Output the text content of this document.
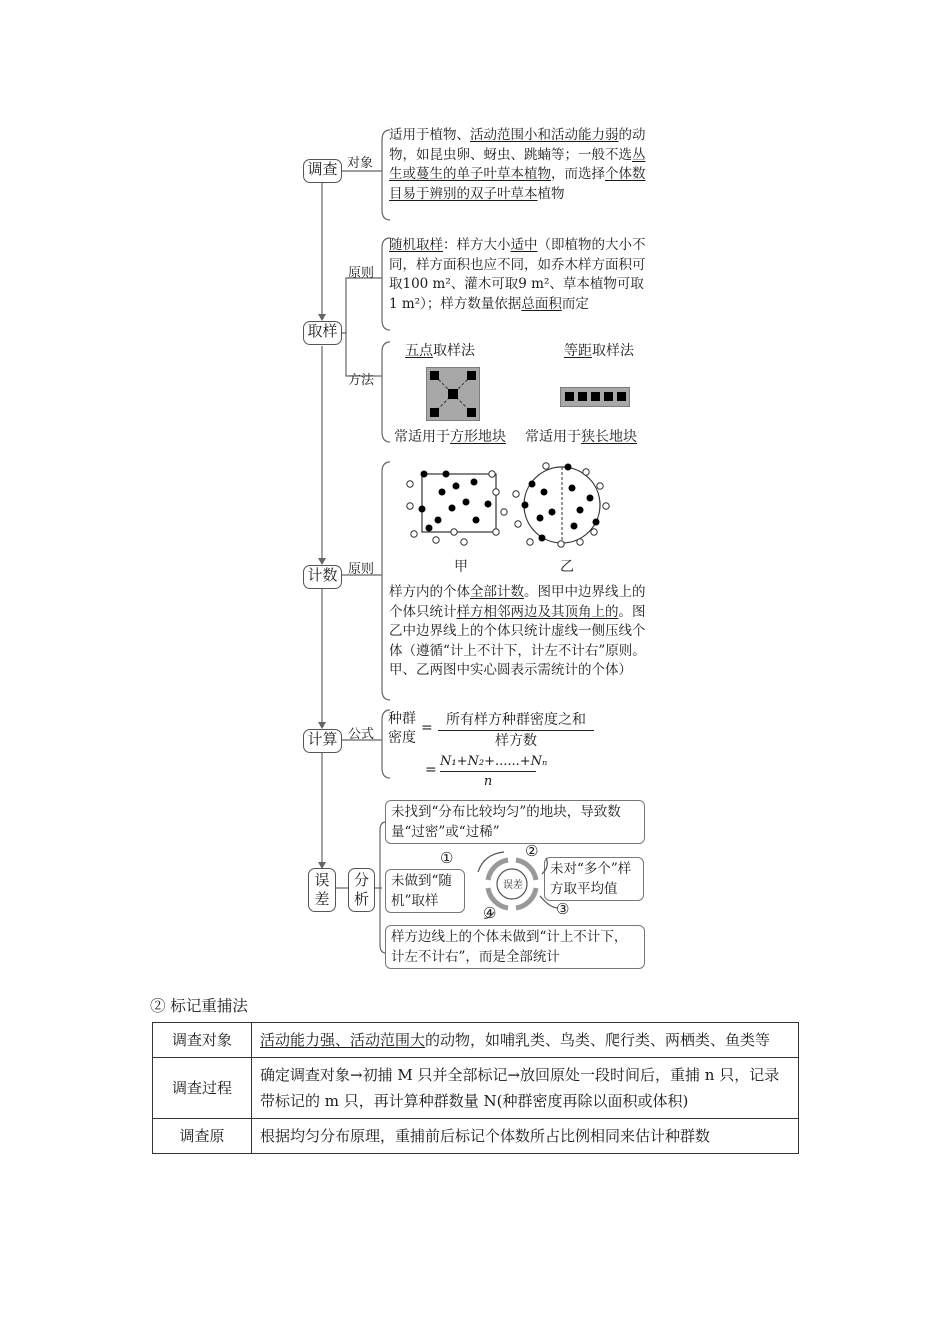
调查 对象
适用于植物、活动范围小和活动能力弱的动物，如昆虫卵、蚜虫、跳蝻等；一般不选丛生或蔓生的单子叶草本植物，而选择个体数目易于辨别的双子叶草本植物
取样
原则
方法
随机取样：样方大小适中（即植物的大小不同，样方面积也应不同，如乔木样方面积可取100 m²、灌木可取9 m²、草本植物可取1 m²）；样方数量依据总面积而定
五点取样法	等距取样法
常适用于方形地块 常适用于狭长地块
计数 原则	甲	乙
样方内的个体全部计数。图甲中边界线上的个体只统计样方相邻两边及其顶角上的。图乙中边界线上的个体只统计虚线一侧压线个体（遵循“计上不计下，计左不计右”原则。甲、乙两图中实心圆表示需统计的个体）
计算 公式
种群
密度
= 所有样方种群密度之和
样方数
= $\frac{\text{N₁+N₂+......+Nₙ}}{n}$
误
差
分
析
未找到“分布比较均匀”的地块，导致数量“过密”或“过稀”
未做到“随机”取样
未对“多个”样方取平均值
样方边线上的个体未做到“计上不计下，计左不计右”，而是全部统计
误差
①	②
③
④
② 标记重捕法
调查对象	活动能力强、活动范围大的动物，如哺乳类、鸟类、爬行类、两栖类、鱼类等
调查过程	确定调查对象→初捕 M 只并全部标记→放回原处一段时间后，重捕 n 只，记录带标记的 m 只，再计算种群数量 N(种群密度再除以面积或体积)
调查原	根据均匀分布原理，重捕前后标记个体数所占比例相同来估计种群数
